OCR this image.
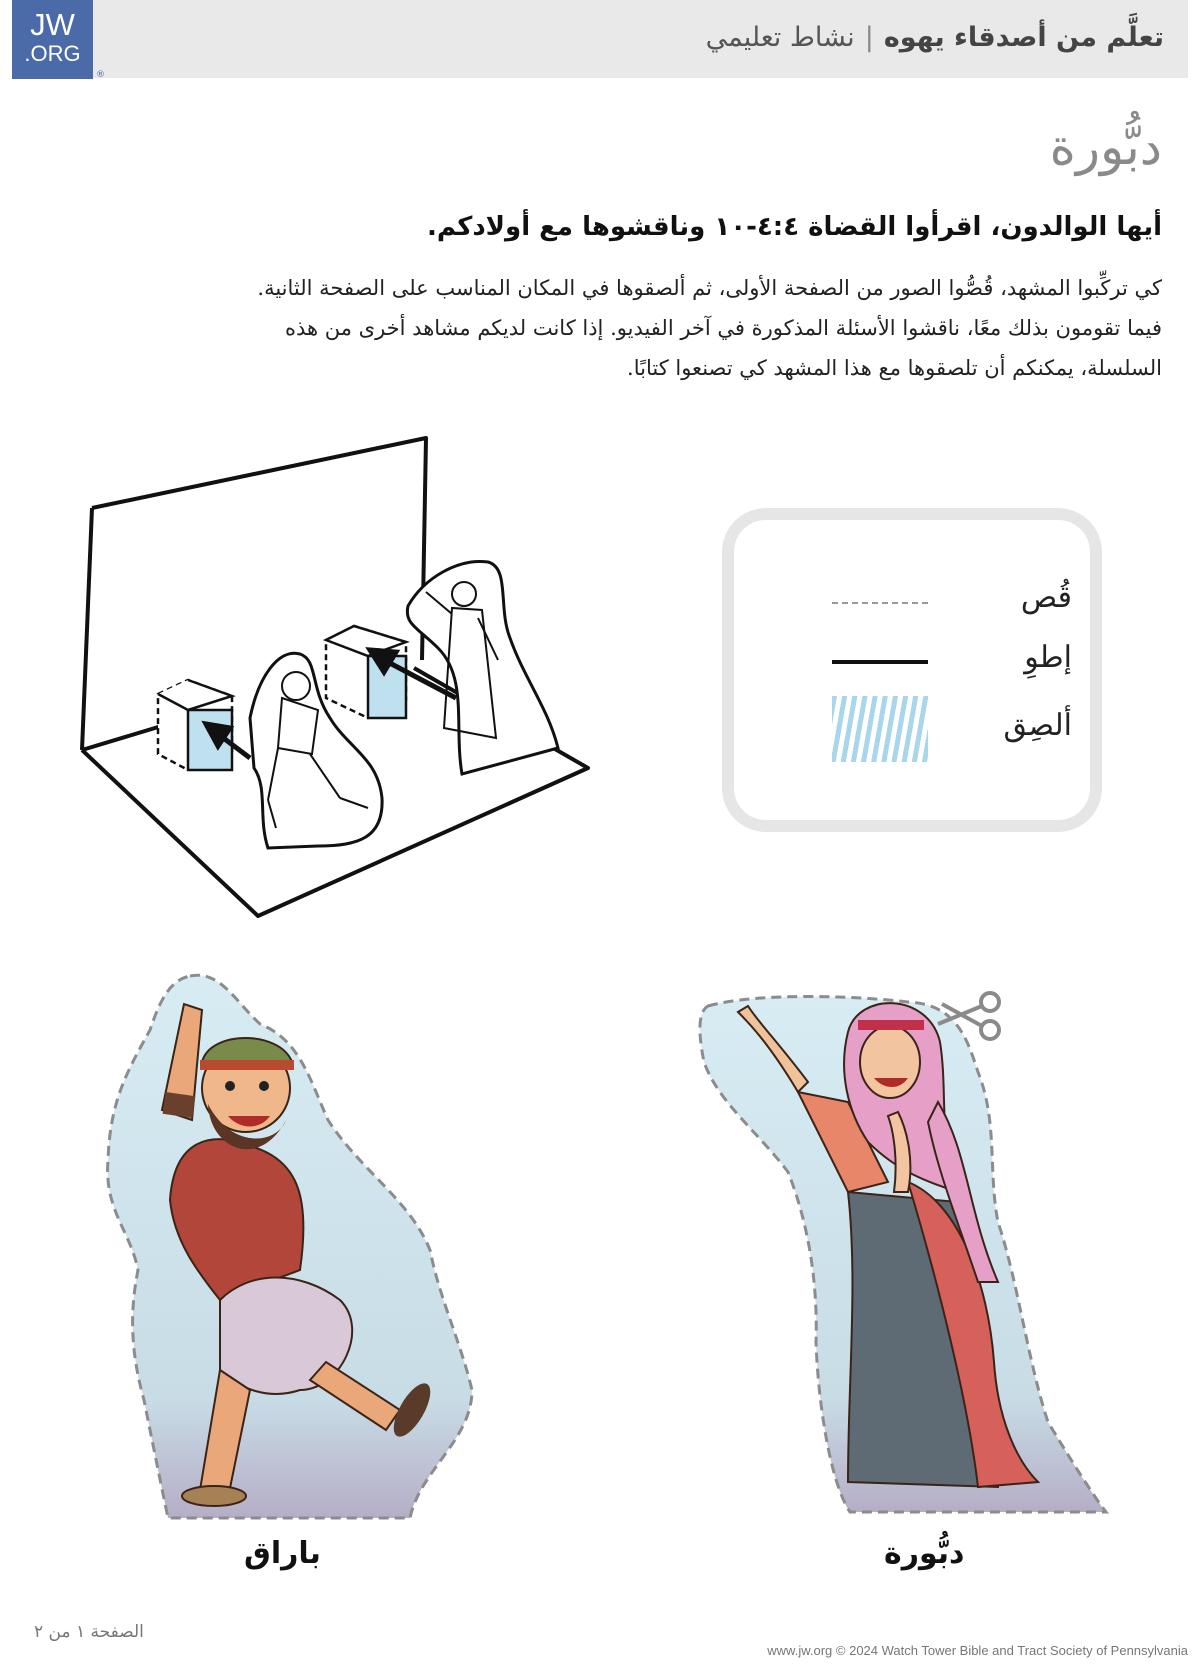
JW
.ORG
®
تعلَّم من أصدقاء يهوه|نشاط تعليمي
دبُّورة
أيها الوالدون، اقرأوا القضاة ٤:٤-١٠ وناقشوها مع أولادكم.

كي تركِّبوا المشهد، قُصُّوا الصور من الصفحة الأولى، ثم ألصقوها في المكان المناسب على الصفحة الثانية.

فيما تقومون بذلك معًا، ناقشوا الأسئلة المذكورة في آخر الفيديو. إذا كانت لديكم مشاهد أخرى من هذه

السلسلة، يمكنكم أن تلصقوها مع هذا المشهد كي تصنعوا كتابًا.

قُص
إطوِ
ألصِق
باراق	دبُّورة
الصفحة ١ من ٢
www.jw.org © 2024 Watch Tower Bible and Tract Society of Pennsylvania
